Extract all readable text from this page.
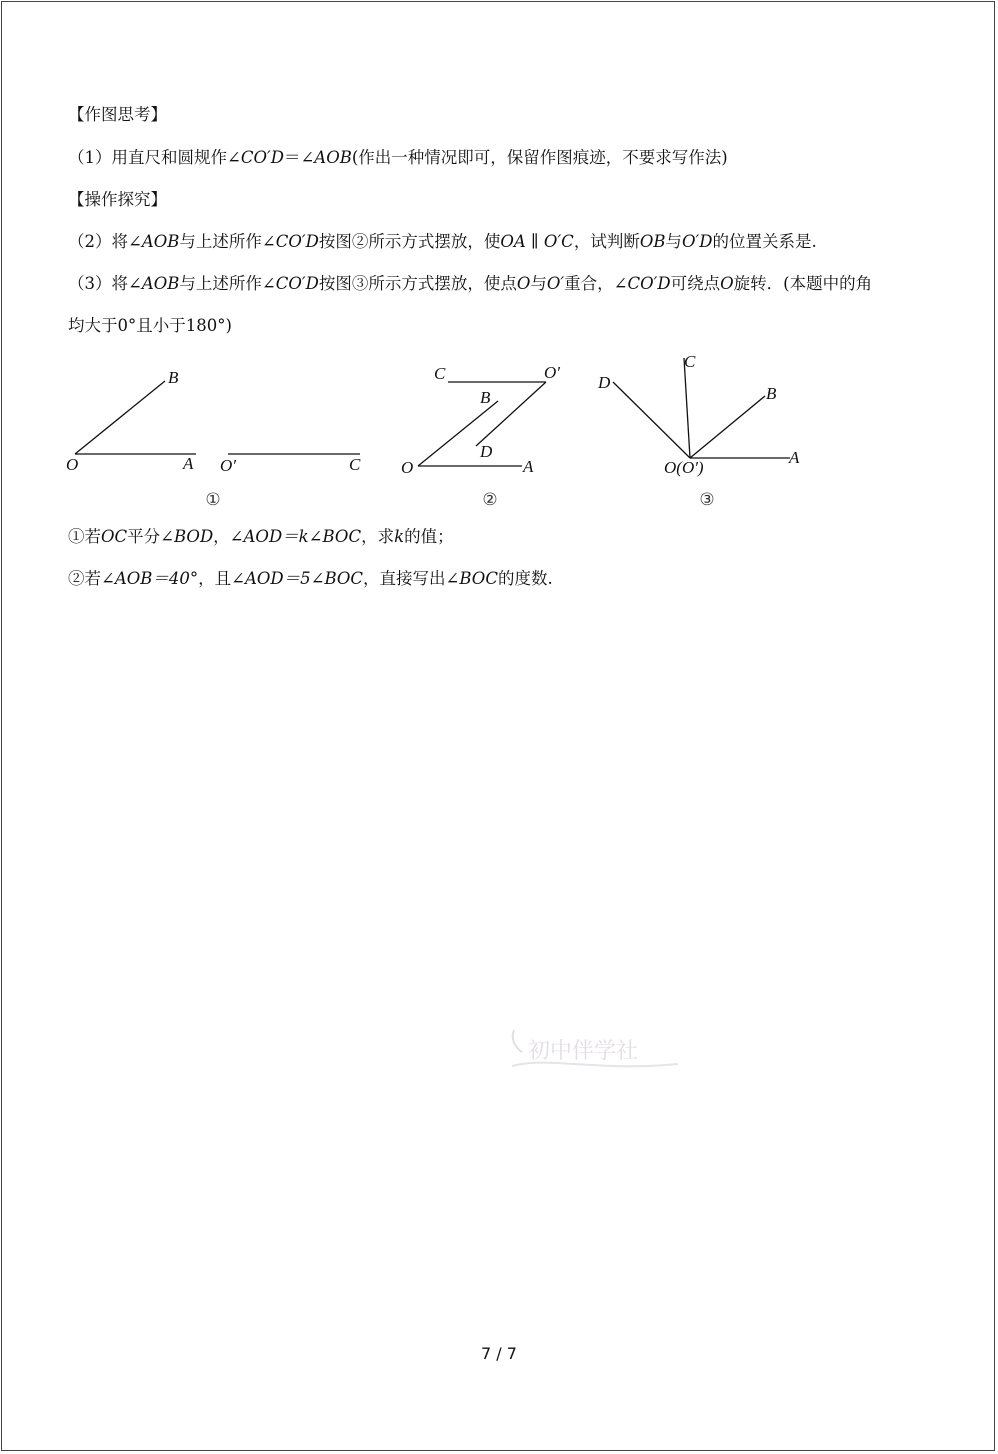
【作图思考】
（1）用直尺和圆规作∠CO′D＝∠AOB(作出一种情况即可，保留作图痕迹，不要求写作法)
【操作探究】
（2）将∠AOB与上述所作∠CO′D按图②所示方式摆放，使OA ∥ O′C，试判断OB与O′D的位置关系是.
（3）将∠AOB与上述所作∠CO′D按图③所示方式摆放，使点O与O′重合，∠CO′D可绕点O旋转．(本题中的角
均大于0°且小于180°)
B
O	A O′	C
①
C	O′
B
D
O	A
②
D
C
B
A
O(O′)
③
①若OC平分∠BOD，∠AOD＝k∠BOC，求k的值；
②若∠AOB＝40°，且∠AOD＝5∠BOC，直接写出∠BOC的度数.
初中伴学社
7 / 7
